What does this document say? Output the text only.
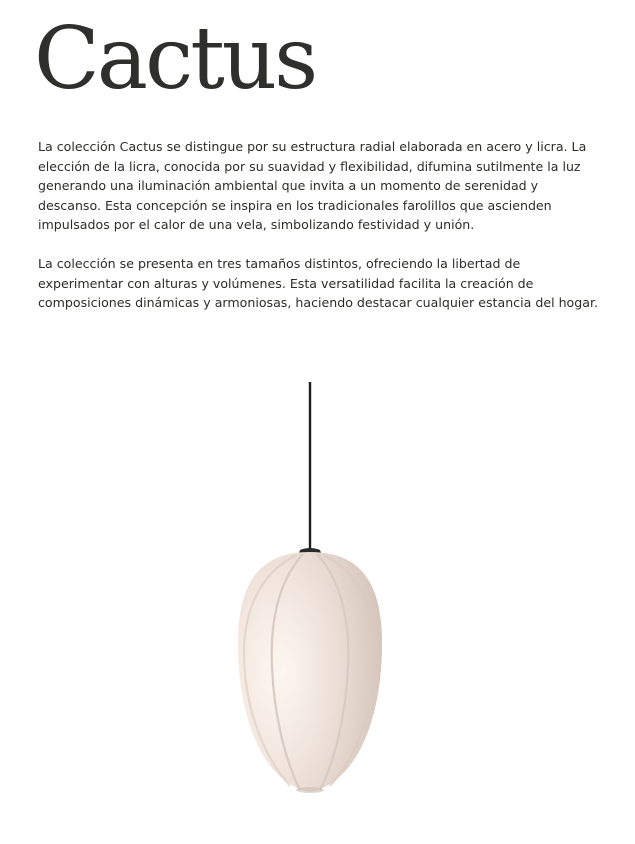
Cactus

La colección Cactus se distingue por su estructura radial elaborada en acero y licra. La elección de la licra, conocida por su suavidad y flexibilidad, difumina sutilmente la luz generando una iluminación ambiental que invita a un momento de serenidad y descanso. Esta concepción se inspira en los tradicionales farolillos que ascienden impulsados por el calor de una vela, simbolizando festividad y unión.

La colección se presenta en tres tamaños distintos, ofreciendo la libertad de experimentar con alturas y volúmenes. Esta versatilidad facilita la creación de composiciones dinámicas y armoniosas, haciendo destacar cualquier estancia del hogar.
